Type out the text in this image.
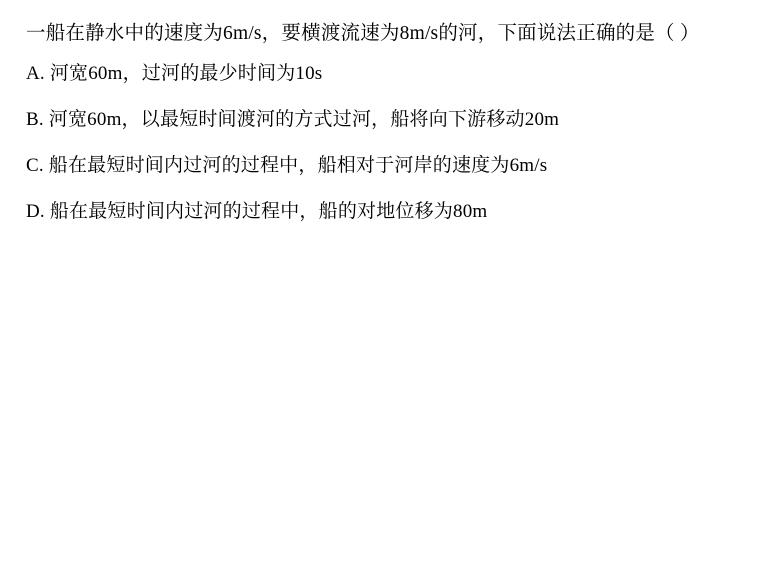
一船在静水中的速度为6m/s，要横渡流速为8m/s的河，下面说法正确的是（ ）

A. 河宽60m，过河的最少时间为10s

B. 河宽60m，以最短时间渡河的方式过河，船将向下游移动20m

C. 船在最短时间内过河的过程中，船相对于河岸的速度为6m/s

D. 船在最短时间内过河的过程中，船的对地位移为80m
